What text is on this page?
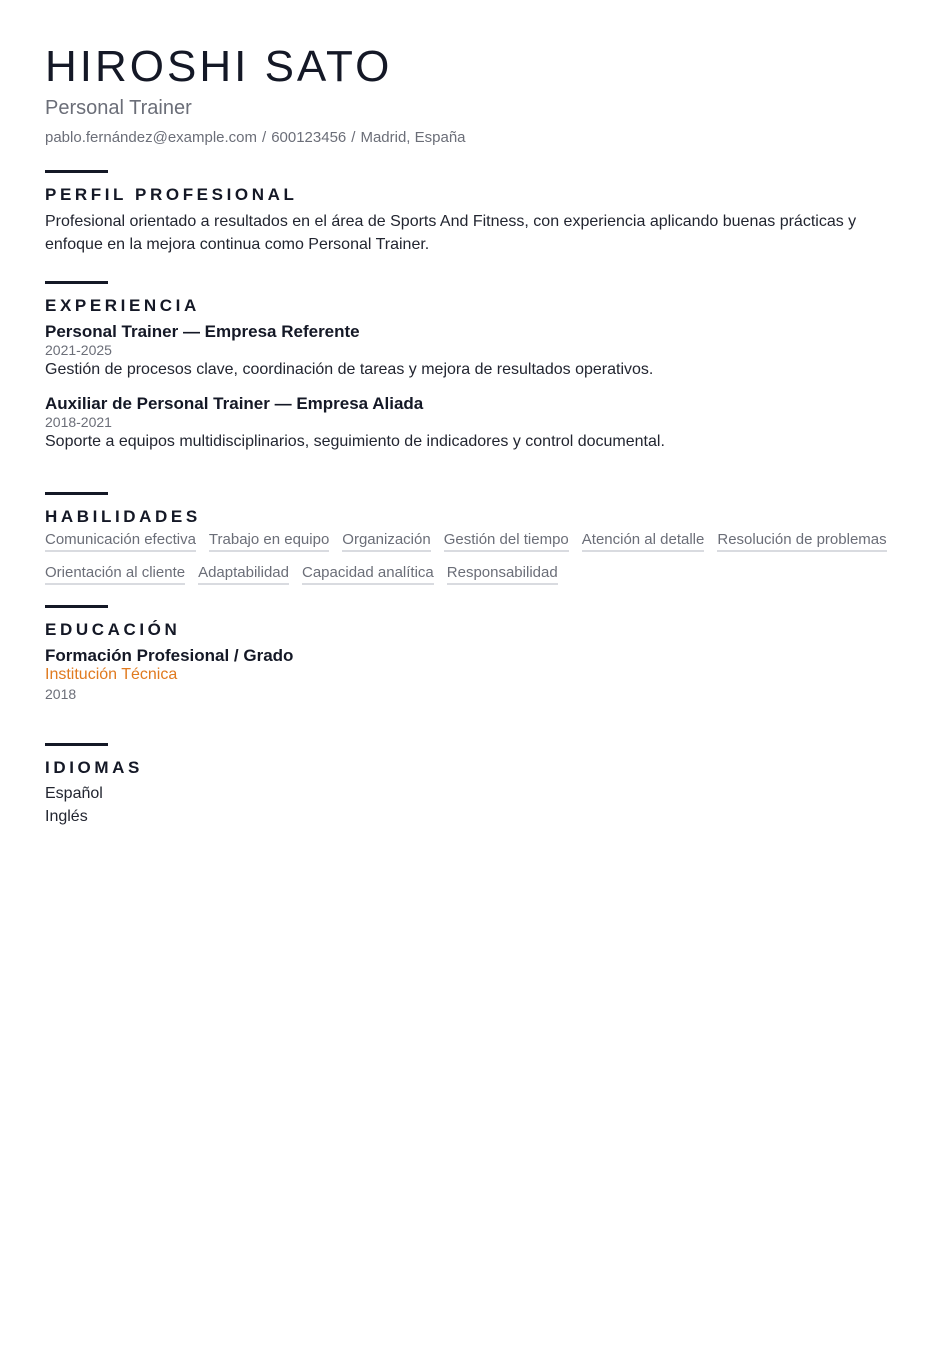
HIROSHI SATO
Personal Trainer
pablo.fernández@example.com / 600123456 / Madrid, España
PERFIL PROFESIONAL
Profesional orientado a resultados en el área de Sports And Fitness, con experiencia aplicando buenas prácticas y enfoque en la mejora continua como Personal Trainer.
EXPERIENCIA
Personal Trainer — Empresa Referente
2021-2025
Gestión de procesos clave, coordinación de tareas y mejora de resultados operativos.
Auxiliar de Personal Trainer — Empresa Aliada
2018-2021
Soporte a equipos multidisciplinarios, seguimiento de indicadores y control documental.
HABILIDADES
Comunicación efectiva Trabajo en equipo Organización Gestión del tiempo Atención al detalle Resolución de problemas
Orientación al cliente Adaptabilidad Capacidad analítica Responsabilidad
EDUCACIÓN
Formación Profesional / Grado
Institución Técnica
2018
IDIOMAS
Español
Inglés
